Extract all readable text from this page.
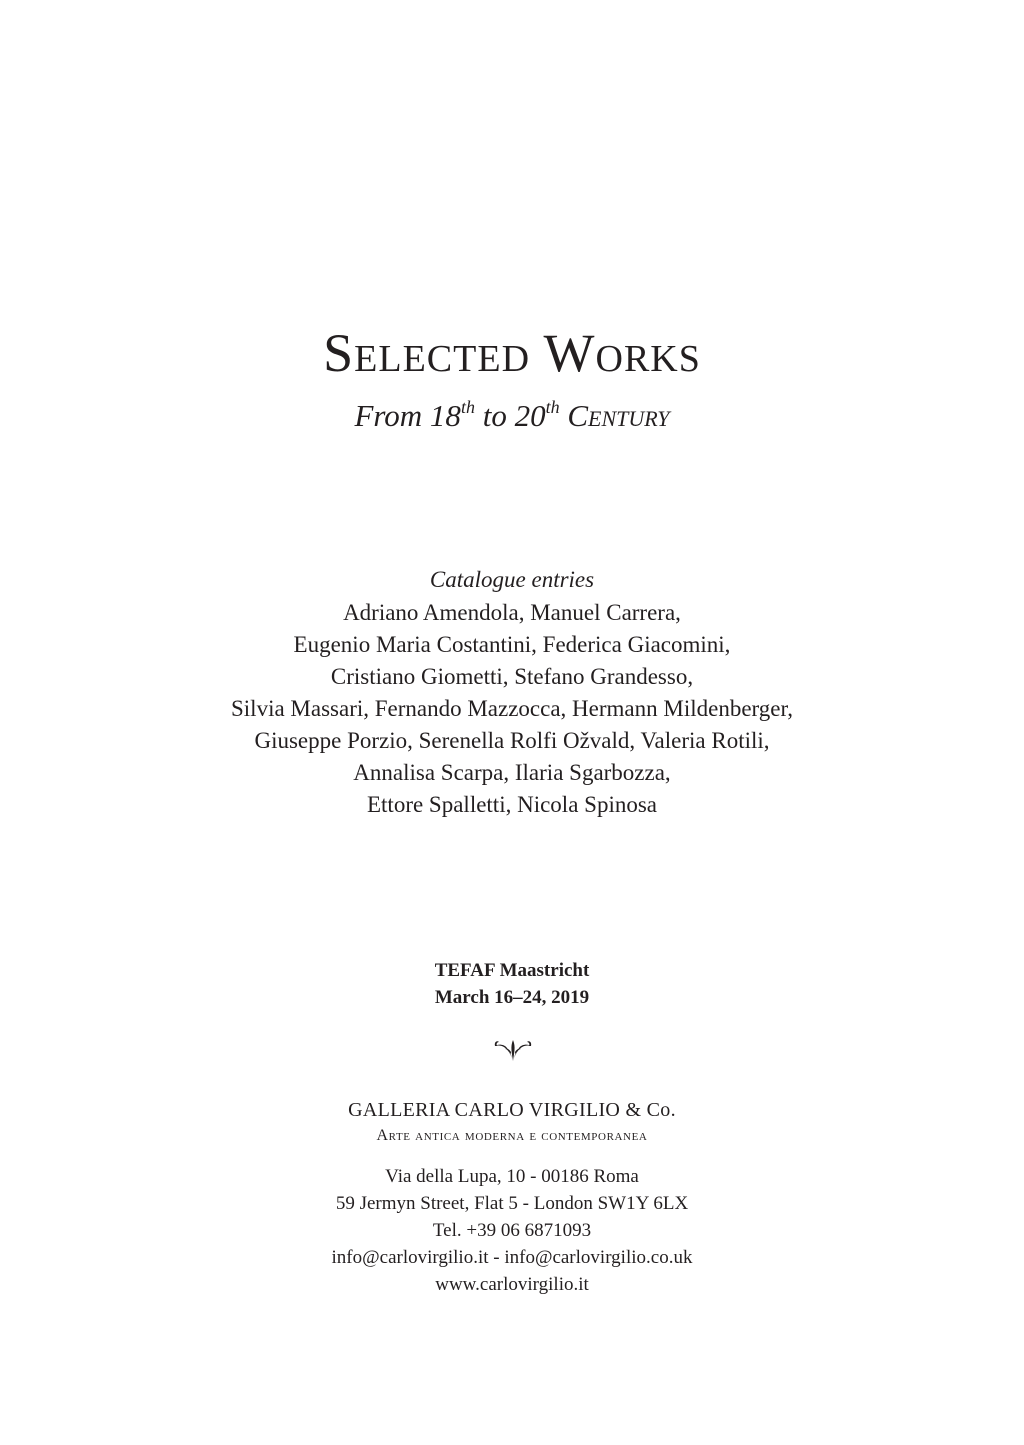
Selected Works
From 18th to 20th Century
Catalogue entries
Adriano Amendola, Manuel Carrera,
Eugenio Maria Costantini, Federica Giacomini,
Cristiano Giometti, Stefano Grandesso,
Silvia Massari, Fernando Mazzocca, Hermann Mildenberger,
Giuseppe Porzio, Serenella Rolfi Ožvald, Valeria Rotili,
Annalisa Scarpa, Ilaria Sgarbozza,
Ettore Spalletti, Nicola Spinosa
TEFAF Maastricht
March 16–24, 2019
GALLERIA CARLO VIRGILIO & Co.
Arte antica moderna e contemporanea
Via della Lupa, 10 - 00186 Roma
59 Jermyn Street, Flat 5 - London SW1Y 6LX
Tel. +39 06 6871093
info@carlovirgilio.it - info@carlovirgilio.co.uk
www.carlovirgilio.it
